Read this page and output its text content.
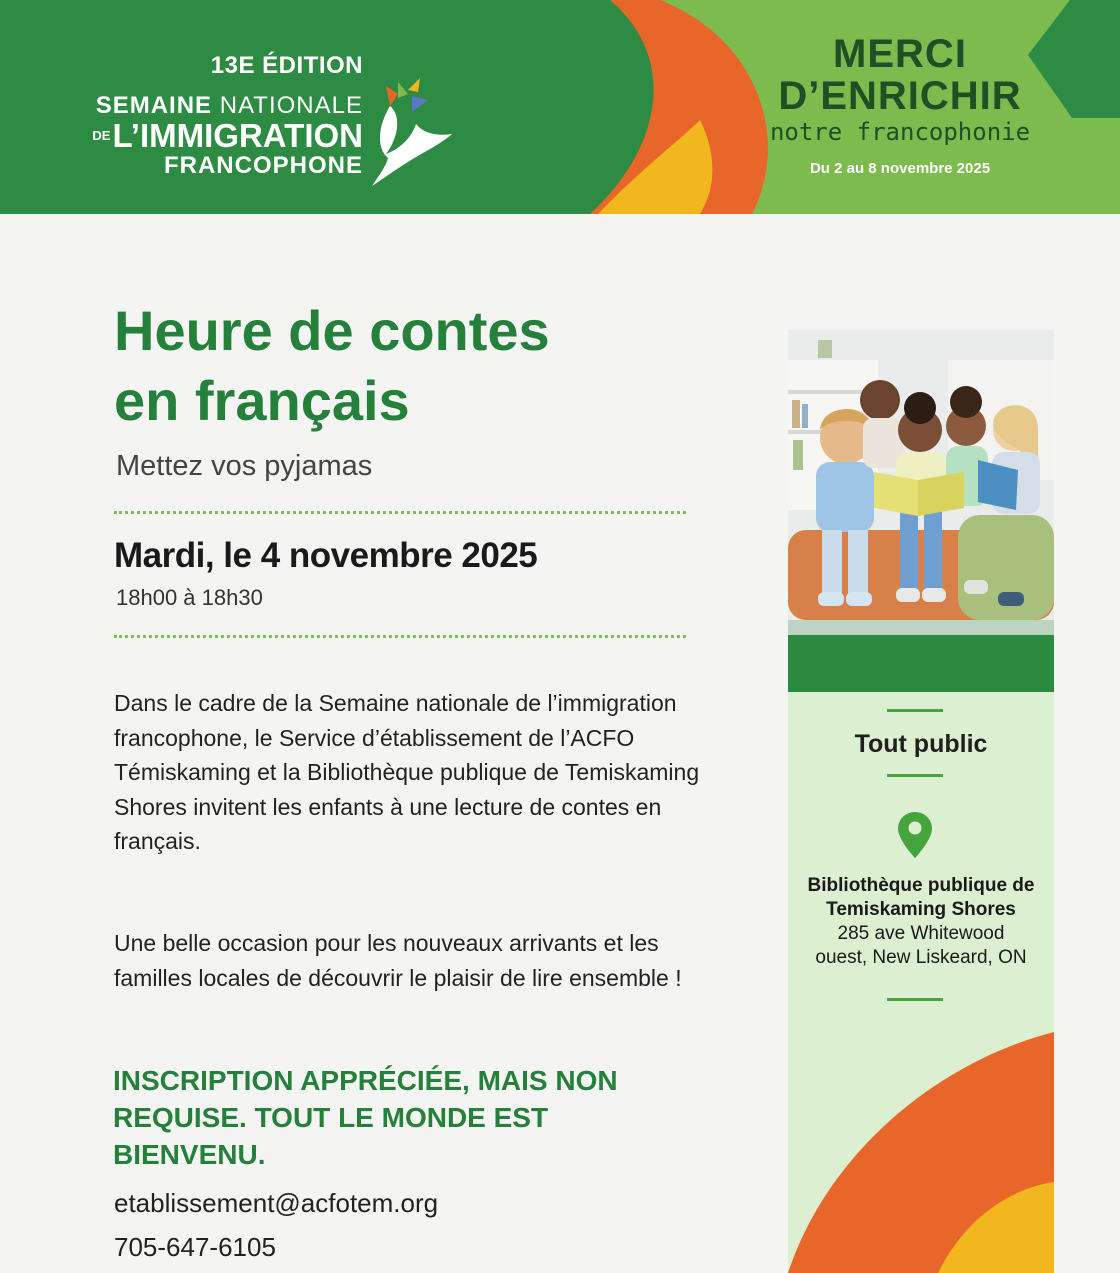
13E ÉDITION
SEMAINE NATIONALE
$^{DE}$L’IMMIGRATION
FRANCOPHONE
MERCI
D’ENRICHIR
notre francophonie
Du 2 au 8 novembre 2025
Heure de contes
en français

Mettez vos pyjamas

Mardi, le 4 novembre 2025

18h00 à 18h30

Dans le cadre de la Semaine nationale de l’immigration francophone, le Service d’établissement de l’ACFO Témiskaming et la Bibliothèque publique de Temiskaming Shores invitent les enfants à une lecture de contes en français.

Une belle occasion pour les nouveaux arrivants et les familles locales de découvrir le plaisir de lire ensemble !

INSCRIPTION APPRÉCIÉE, MAIS NON REQUISE. TOUT LE MONDE EST BIENVENU.

etablissement@acfotem.org

705-647-6105

Tout public
Bibliothèque publique de
Temiskaming Shores
285 ave Whitewood
ouest, New Liskeard, ON
